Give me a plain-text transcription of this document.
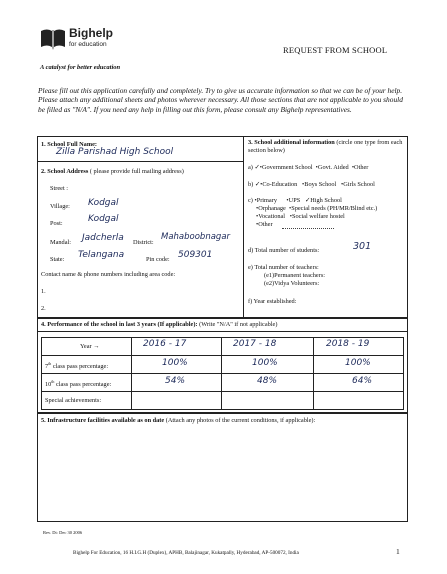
Bighelp
for education
A catalyst for better education
REQUEST FROM SCHOOL
Please fill out this application carefully and completely. Try to give us accurate information so that we can be of your help. Please attach any additional sheets and photos wherever necessary. All those sections that are not applicable to you should be filled as "N/A". If you need any help in filling out this form, please consult any Bighelp representatives.
1. School Full Name:
Zilla Parishad High School
2. School Address ( please provide full mailing address)
Street :
Village: Kodgal
Post:	Kodgal
Mandal: Jadcherla District:
Mahaboobnagar
State: Telangana	Pin code: 509301
Contact name & phone numbers including area code:
1.
2.
3. School additional information (circle one type from each section below)
a) ✓•Government School  •Govt. Aided  •Other
b) ✓•Co-Education   •Boys School   •Girls School
c) •Primary      •UPS ✓High School
•Orphanage  •Special needs (PH/MR/Blind etc.)
•Vocational   •Social welfare hostel
•Other
d) Total number of students:	301
e) Total number of teachers:
(e1)Permanent teachers:
(e2)Vidya Volunteers:
f) Year established:
4. Performance of the school in last 3 years (If applicable): (Write "N/A" if not applicable)
Year →	2016 - 17	2017 - 18	2018 - 19
7th class pass percentage:	100%	100%	100%
10th class pass percentage:	54%	48%	64%
Special achievements:
5. Infrastructure facilities available as on date (Attach any photos of the current conditions, if applicable):
Rev. Dt: Dec 30 2006
Bighelp For Education, 16 H.I.G.H (Duplex), APHB, Balajinagar, Kukatpally, Hyderabad, AP-500072, India	1
